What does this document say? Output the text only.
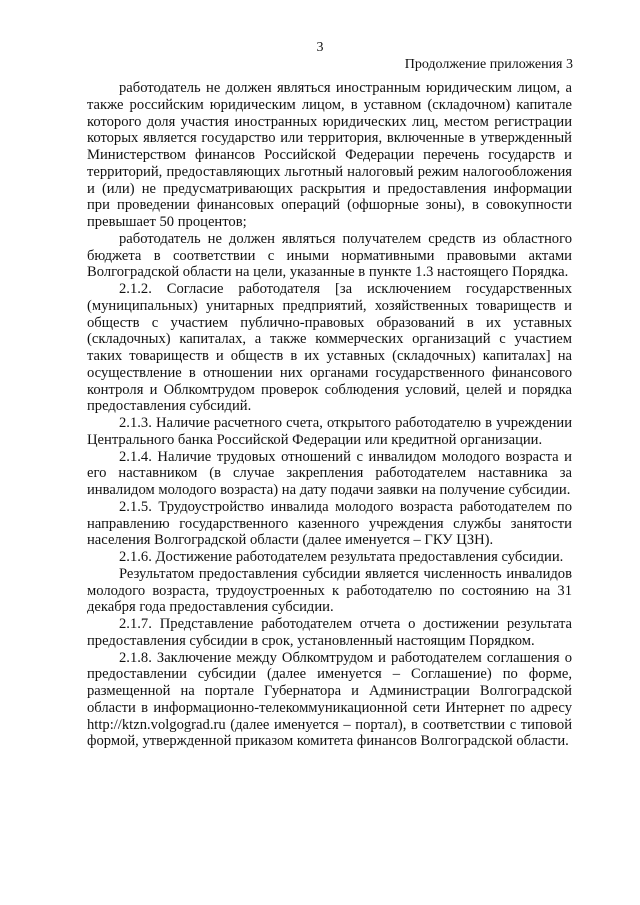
3
Продолжение приложения 3

работодатель не должен являться иностранным юридическим лицом, а также российским юридическим лицом, в уставном (складочном) капитале которого доля участия иностранных юридических лиц, местом регистрации которых является государство или территория, включенные в утвержденный Министерством финансов Российской Федерации перечень государств и территорий, предоставляющих льготный налоговый режим налогообложения и (или) не предусматривающих раскрытия и предоставления информации при проведении финансовых операций (офшорные зоны), в совокупности превышает 50 процентов;

работодатель не должен являться получателем средств из областного бюджета в соответствии с иными нормативными правовыми актами Волгоградской области на цели, указанные в пункте 1.3 настоящего Порядка.

2.1.2. Согласие работодателя [за исключением государственных (муниципальных) унитарных предприятий, хозяйственных товариществ и обществ с участием публично-правовых образований в их уставных (складочных) капиталах, а также коммерческих организаций с участием таких товариществ и обществ в их уставных (складочных) капиталах] на осуществление в отношении них органами государственного финансового контроля и Облкомтрудом проверок соблюдения условий, целей и порядка предоставления субсидий.

2.1.3. Наличие расчетного счета, открытого работодателю в учреждении Центрального банка Российской Федерации или кредитной организации.

2.1.4. Наличие трудовых отношений с инвалидом молодого возраста и его наставником (в случае закрепления работодателем наставника за инвалидом молодого возраста) на дату подачи заявки на получение субсидии.

2.1.5. Трудоустройство инвалида молодого возраста работодателем по направлению государственного казенного учреждения службы занятости населения Волгоградской области (далее именуется – ГКУ ЦЗН).

2.1.6. Достижение работодателем результата предоставления субсидии.

Результатом предоставления субсидии является численность инвалидов молодого возраста, трудоустроенных к работодателю по состоянию на 31 декабря года предоставления субсидии.

2.1.7. Представление работодателем отчета о достижении результата предоставления субсидии в срок, установленный настоящим Порядком.

2.1.8. Заключение между Облкомтрудом и работодателем соглашения о предоставлении субсидии (далее именуется – Соглашение) по форме, размещенной на портале Губернатора и Администрации Волгоградской области в информационно-телекоммуникационной сети Интернет по адресу http://ktzn.volgograd.ru (далее именуется – портал), в соответствии с типовой формой, утвержденной приказом комитета финансов Волгоградской области.
